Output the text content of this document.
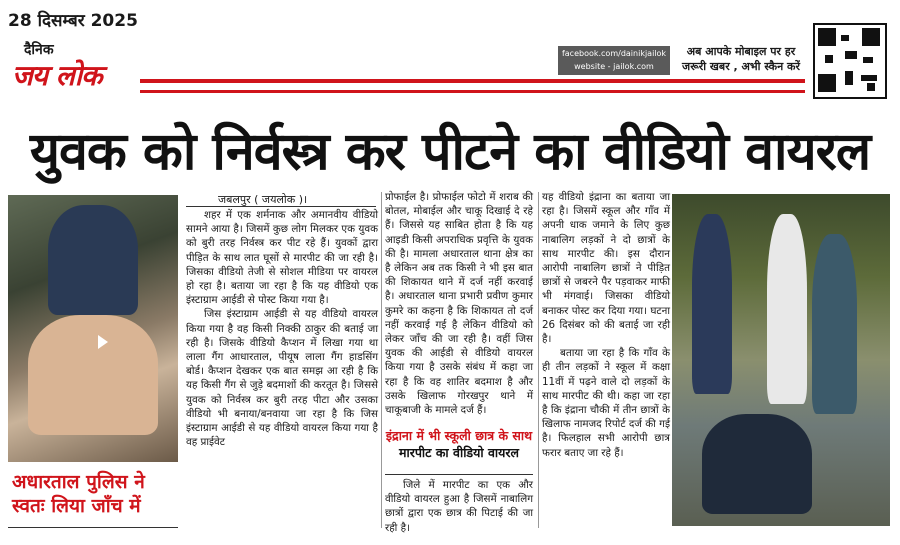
28 दिसम्बर 2025
दैनिक
जय लोक
facebook.com/dainikjailok
website - jailok.com
अब आपके मोबाइल पर हर जरूरी खबर , अभी स्कैन करें
युवक को निर्वस्त्र कर पीटने का वीडियो वायरल
अधारताल पुलिस ने स्वतः लिया जाँच में
जबलपुर ( जयलोक )।

शहर में एक शर्मनाक और अमानवीय वीडियो सामने आया है। जिसमें कुछ लोग मिलकर एक युवक को बुरी तरह निर्वस्त्र कर पीट रहे हैं। युवकों द्वारा पीड़ित के साथ लात घूसों से मारपीट की जा रही है। जिसका वीडियो तेजी से सोशल मीडिया पर वायरल हो रहा है। बताया जा रहा है कि यह वीडियो एक इंस्टाग्राम आईडी से पोस्ट किया गया है।

जिस इंस्टाग्राम आईडी से यह वीडियो वायरल किया गया है वह किसी निक्की ठाकुर की बताई जा रही है। जिसके वीडियो कैप्शन में लिखा गया था लाला गैंग आधारताल, पीयूष लाला गैंग हाडसिंग बोर्ड। कैप्शन देखकर एक बात समझ आ रही है कि यह किसी गैंग से जुड़े बदमाशों की करतूत है। जिससे युवक को निर्वस्त्र कर बुरी तरह पीटा और उसका वीडियो भी बनाया/बनवाया जा रहा है कि जिस इंस्टाग्राम आईडी से यह वीडियो वायरल किया गया है वह प्राईवेट

प्रोफाईल है। प्रोफाईल फोटो में शराब की बोतल, मोबाईल और चाकू दिखाई दे रहे हैं। जिससे यह साबित होता है कि यह आइडी किसी अपराधिक प्रवृत्ति के युवक की है। मामला अधारताल थाना क्षेत्र का है लेकिन अब तक किसी ने भी इस बात की शिकायत थाने में दर्ज नहीं करवाई है। अधारताल थाना प्रभारी प्रवीण कुमार कुमरे का कहना है कि शिकायत तो दर्ज नहीं करवाई गई है लेकिन वीडियो को लेकर जाँच की जा रही है। वहीं जिस युवक की आईडी से वीडियो वायरल किया गया है उसके संबंध में कहा जा रहा है कि वह शातिर बदमाश है और उसके खिलाफ गोरखपुर थाने में चाकूबाजी के मामले दर्ज हैं।

इंद्राना में भी स्कूली छात्र के साथ
मारपीट का वीडियो वायरल

जिले में मारपीट का एक और वीडियो वायरल हुआ है जिसमें नाबालिग छात्रों द्वारा एक छात्र की पिटाई की जा रही है।

यह वीडियो इंद्राना का बताया जा रहा है। जिसमें स्कूल और गाँव में अपनी धाक जमाने के लिए कुछ नाबालिग लड़कों ने दो छात्रों के साथ मारपीट की। इस दौरान आरोपी नाबालिग छात्रों ने पीड़ित छात्रों से जबरने पैर पड़वाकर माफी भी मंगवाई। जिसका वीडियो बनाकर पोस्ट कर दिया गया। घटना 26 दिसंबर को की बताई जा रही है।

बताया जा रहा है कि गाँव के ही तीन लड़कों ने स्कूल में कक्षा 11वीं में पढ़ने वाले दो लड़कों के साथ मारपीट की थी। कहा जा रहा है कि इंद्राना चौकी में तीन छात्रों के खिलाफ नामजद रिपोर्ट दर्ज की गई है। फिलहाल सभी आरोपी छात्र फरार बताए जा रहे हैं।
